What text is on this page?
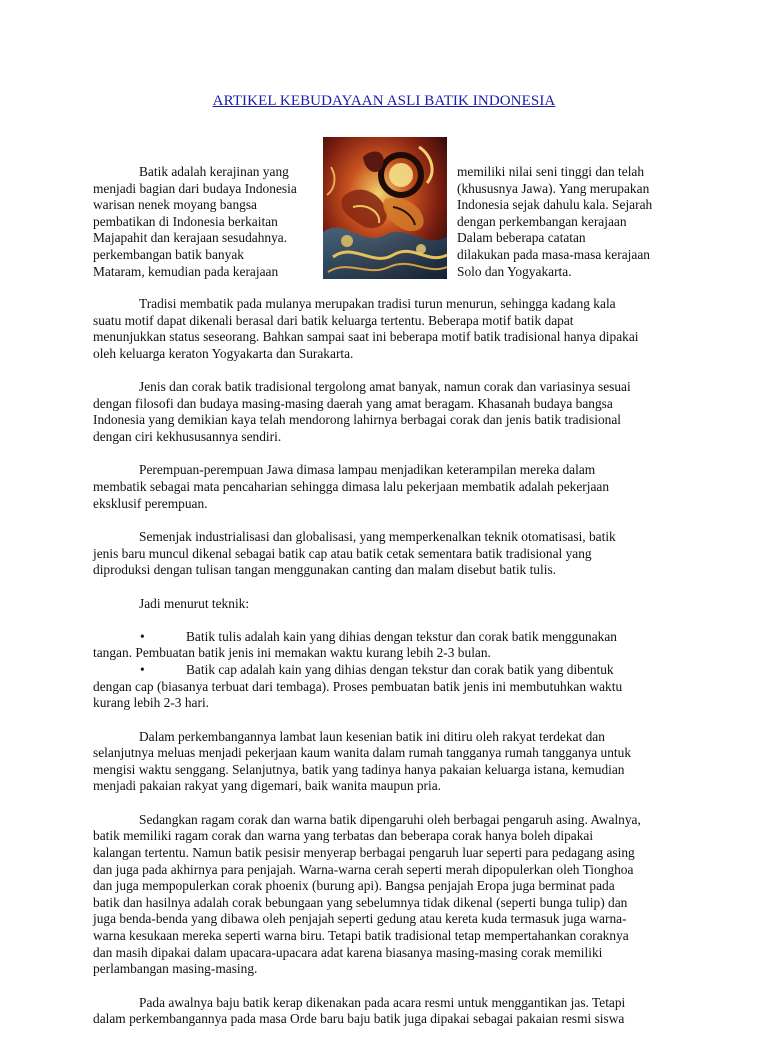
ARTIKEL KEBUDAYAAN ASLI BATIK INDONESIA
Batik adalah kerajinan yang
menjadi bagian dari budaya Indonesia
warisan nenek moyang bangsa
pembatikan di Indonesia berkaitan
Majapahit dan kerajaan sesudahnya.
perkembangan batik banyak
Mataram, kemudian pada kerajaan
memiliki nilai seni tinggi dan telah
(khususnya Jawa). Yang merupakan
Indonesia sejak dahulu kala. Sejarah
dengan perkembangan kerajaan
Dalam beberapa catatan
dilakukan pada masa-masa kerajaan
Solo dan Yogyakarta.
Tradisi membatik pada mulanya merupakan tradisi turun menurun, sehingga kadang kala
suatu motif dapat dikenali berasal dari batik keluarga tertentu. Beberapa motif batik dapat
menunjukkan status seseorang. Bahkan sampai saat ini beberapa motif batik tradisional hanya dipakai
oleh keluarga keraton Yogyakarta dan Surakarta.
Jenis dan corak batik tradisional tergolong amat banyak, namun corak dan variasinya sesuai
dengan filosofi dan budaya masing-masing daerah yang amat beragam. Khasanah budaya bangsa
Indonesia yang demikian kaya telah mendorong lahirnya berbagai corak dan jenis batik tradisional
dengan ciri kekhususannya sendiri.
Perempuan-perempuan Jawa dimasa lampau menjadikan keterampilan mereka dalam
membatik sebagai mata pencaharian sehingga dimasa lalu pekerjaan membatik adalah pekerjaan
eksklusif perempuan.
Semenjak industrialisasi dan globalisasi, yang memperkenalkan teknik otomatisasi, batik
jenis baru muncul dikenal sebagai batik cap atau batik cetak sementara batik tradisional yang
diproduksi dengan tulisan tangan menggunakan canting dan malam disebut batik tulis.
Jadi menurut teknik:
•	Batik tulis adalah kain yang dihias dengan tekstur dan corak batik menggunakan
tangan. Pembuatan batik jenis ini memakan waktu kurang lebih 2-3 bulan.
•	Batik cap adalah kain yang dihias dengan tekstur dan corak batik yang dibentuk
dengan cap (biasanya terbuat dari tembaga). Proses pembuatan batik jenis ini membutuhkan waktu
kurang lebih 2-3 hari.
Dalam perkembangannya lambat laun kesenian batik ini ditiru oleh rakyat terdekat dan
selanjutnya meluas menjadi pekerjaan kaum wanita dalam rumah tangganya rumah tangganya untuk
mengisi waktu senggang. Selanjutnya, batik yang tadinya hanya pakaian keluarga istana, kemudian
menjadi pakaian rakyat yang digemari, baik wanita maupun pria.
Sedangkan ragam corak dan warna batik dipengaruhi oleh berbagai pengaruh asing. Awalnya,
batik memiliki ragam corak dan warna yang terbatas dan beberapa corak hanya boleh dipakai
kalangan tertentu. Namun batik pesisir menyerap berbagai pengaruh luar seperti para pedagang asing
dan juga pada akhirnya para penjajah. Warna-warna cerah seperti merah dipopulerkan oleh Tionghoa
dan juga mempopulerkan corak phoenix (burung api). Bangsa penjajah Eropa juga berminat pada
batik dan hasilnya adalah corak bebungaan yang sebelumnya tidak dikenal (seperti bunga tulip) dan
juga benda-benda yang dibawa oleh penjajah seperti gedung atau kereta kuda termasuk juga warna-
warna kesukaan mereka seperti warna biru. Tetapi batik tradisional tetap mempertahankan coraknya
dan masih dipakai dalam upacara-upacara adat karena biasanya masing-masing corak memiliki
perlambangan masing-masing.
Pada awalnya baju batik kerap dikenakan pada acara resmi untuk menggantikan jas. Tetapi
dalam perkembangannya pada masa Orde baru baju batik juga dipakai sebagai pakaian resmi siswa
